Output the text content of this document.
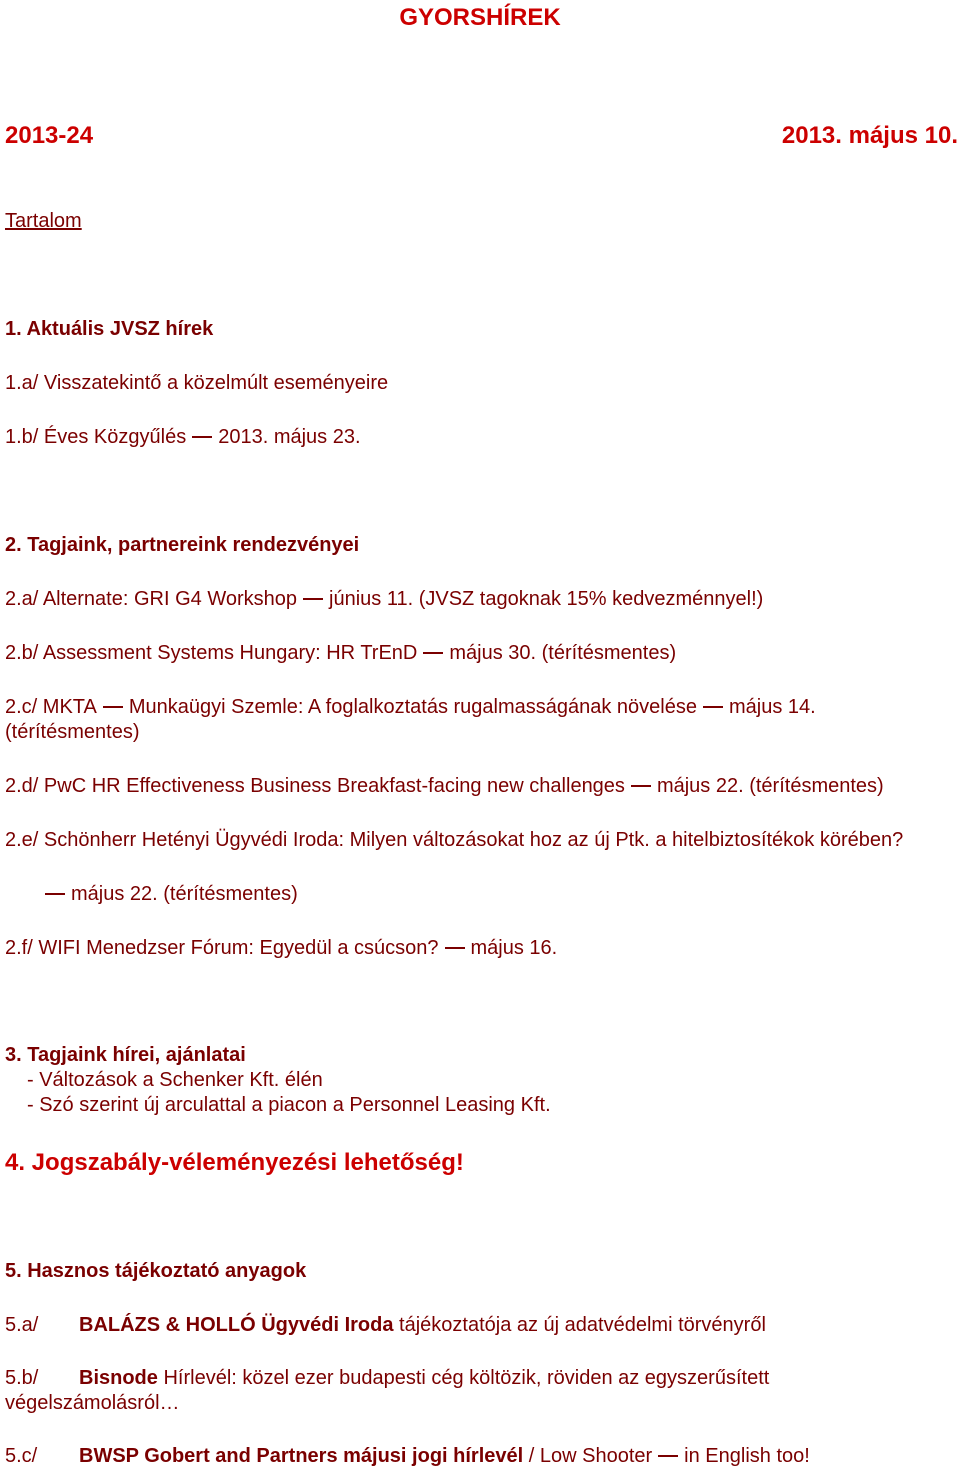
GYORSHÍREK
2013-24	2013. május 10.
Tartalom
1. Aktuális JVSZ hírek
1.a/ Visszatekintő a közelmúlt eseményeire
1.b/ Éves Közgyűlés 2013. május 23.
2. Tagjaink, partnereink rendezvényei
2.a/ Alternate: GRI G4 Workshop június 11. (JVSZ tagoknak 15% kedvezménnyel!)
2.b/ Assessment Systems Hungary: HR TrEnD május 30. (térítésmentes)
2.c/ MKTA Munkaügyi Szemle: A foglalkoztatás rugalmasságának növelése május 14.
(térítésmentes)
2.d/ PwC HR Effectiveness Business Breakfast-facing new challenges május 22. (térítésmentes)
2.e/ Schönherr Hetényi Ügyvédi Iroda: Milyen változásokat hoz az új Ptk. a hitelbiztosítékok körében?
május 22. (térítésmentes)
2.f/ WIFI Menedzser Fórum: Egyedül a csúcson? május 16.
3. Tagjaink hírei, ajánlatai
- Változások a Schenker Kft. élén
- Szó szerint új arculattal a piacon a Personnel Leasing Kft.
4. Jogszabály-véleményezési lehetőség!
5. Hasznos tájékoztató anyagok
5.a/ BALÁZS & HOLLÓ Ügyvédi Iroda tájékoztatója az új adatvédelmi törvényről
5.b/ Bisnode Hírlevél: közel ezer budapesti cég költözik, röviden az egyszerűsített
végelszámolásról…
5.c/ BWSP Gobert and Partners májusi jogi hírlevél / Low Shooter in English too!
